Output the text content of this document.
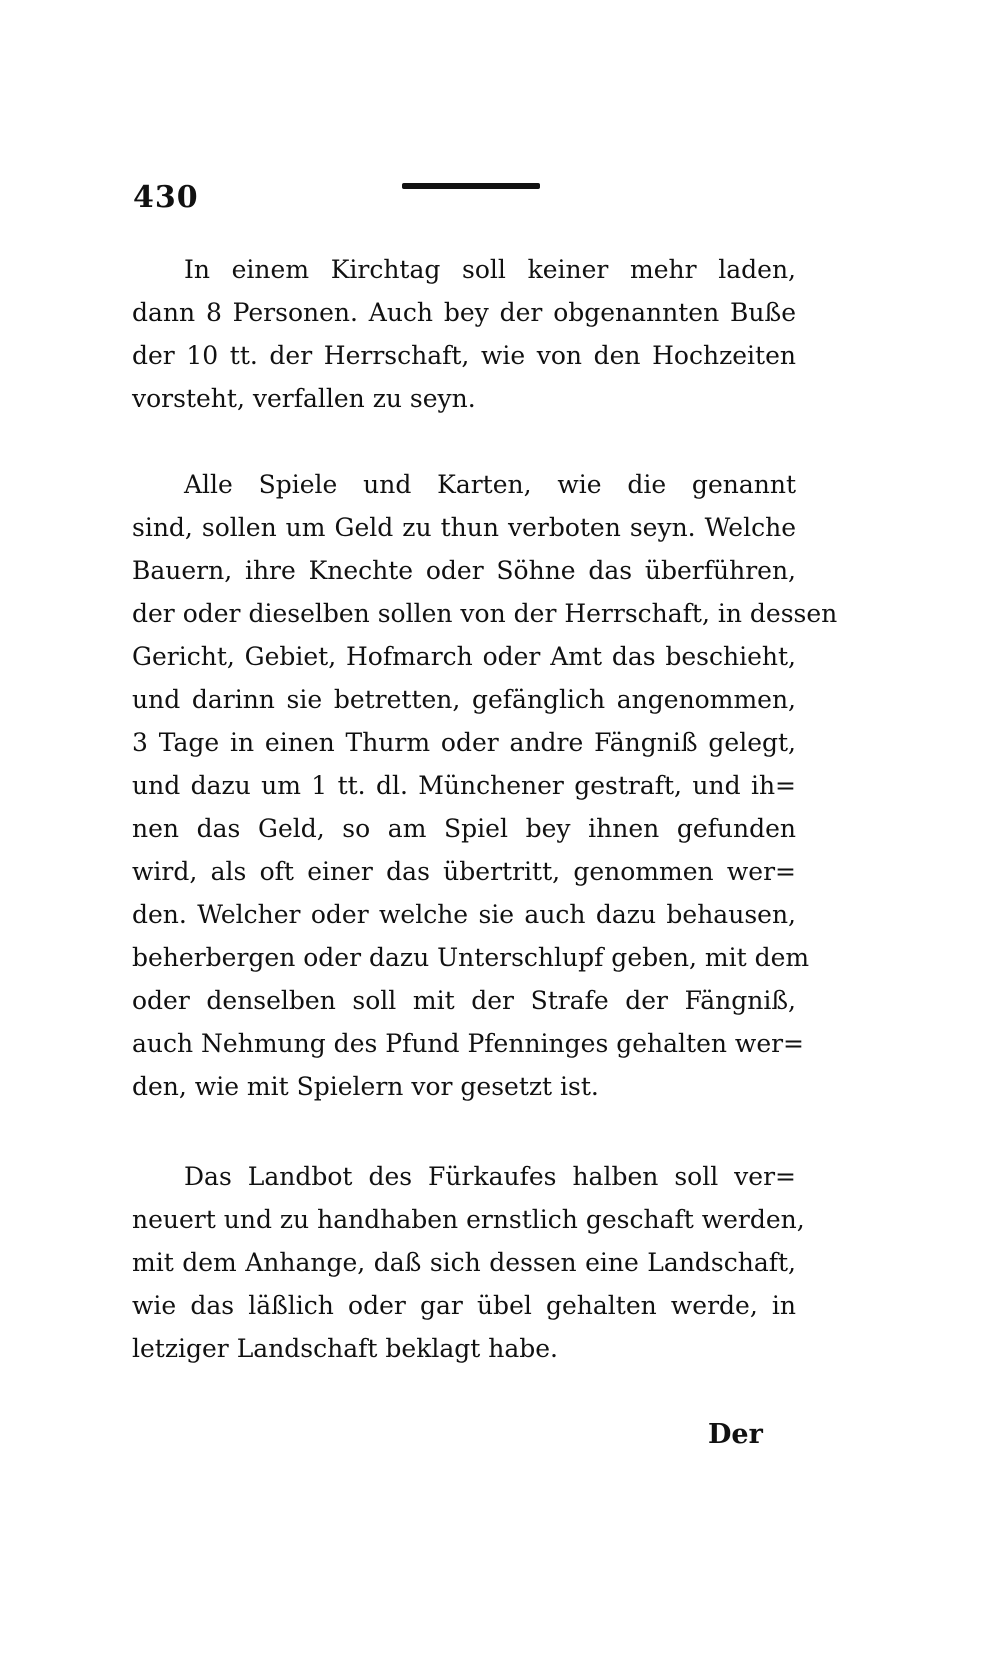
430
In einem Kirchtag soll keiner mehr laden,
dann 8 Personen. Auch bey der obgenannten Buße
der 10 tt. der Herrschaft, wie von den Hochzeiten
vorsteht, verfallen zu seyn.
Alle Spiele und Karten, wie die genannt
sind, sollen um Geld zu thun verboten seyn. Welche
Bauern, ihre Knechte oder Söhne das überführen,
der oder dieselben sollen von der Herrschaft, in dessen
Gericht, Gebiet, Hofmarch oder Amt das beschieht,
und darinn sie betretten, gefänglich angenommen,
3 Tage in einen Thurm oder andre Fängniß gelegt,
und dazu um 1 tt. dl. Münchener gestraft, und ih=
nen das Geld, so am Spiel bey ihnen gefunden
wird, als oft einer das übertritt, genommen wer=
den. Welcher oder welche sie auch dazu behausen,
beherbergen oder dazu Unterschlupf geben, mit dem
oder denselben soll mit der Strafe der Fängniß,
auch Nehmung des Pfund Pfenninges gehalten wer=
den, wie mit Spielern vor gesetzt ist.
Das Landbot des Fürkaufes halben soll ver=
neuert und zu handhaben ernstlich geschaft werden,
mit dem Anhange, daß sich dessen eine Landschaft,
wie das läßlich oder gar übel gehalten werde, in
letziger Landschaft beklagt habe.
Der
